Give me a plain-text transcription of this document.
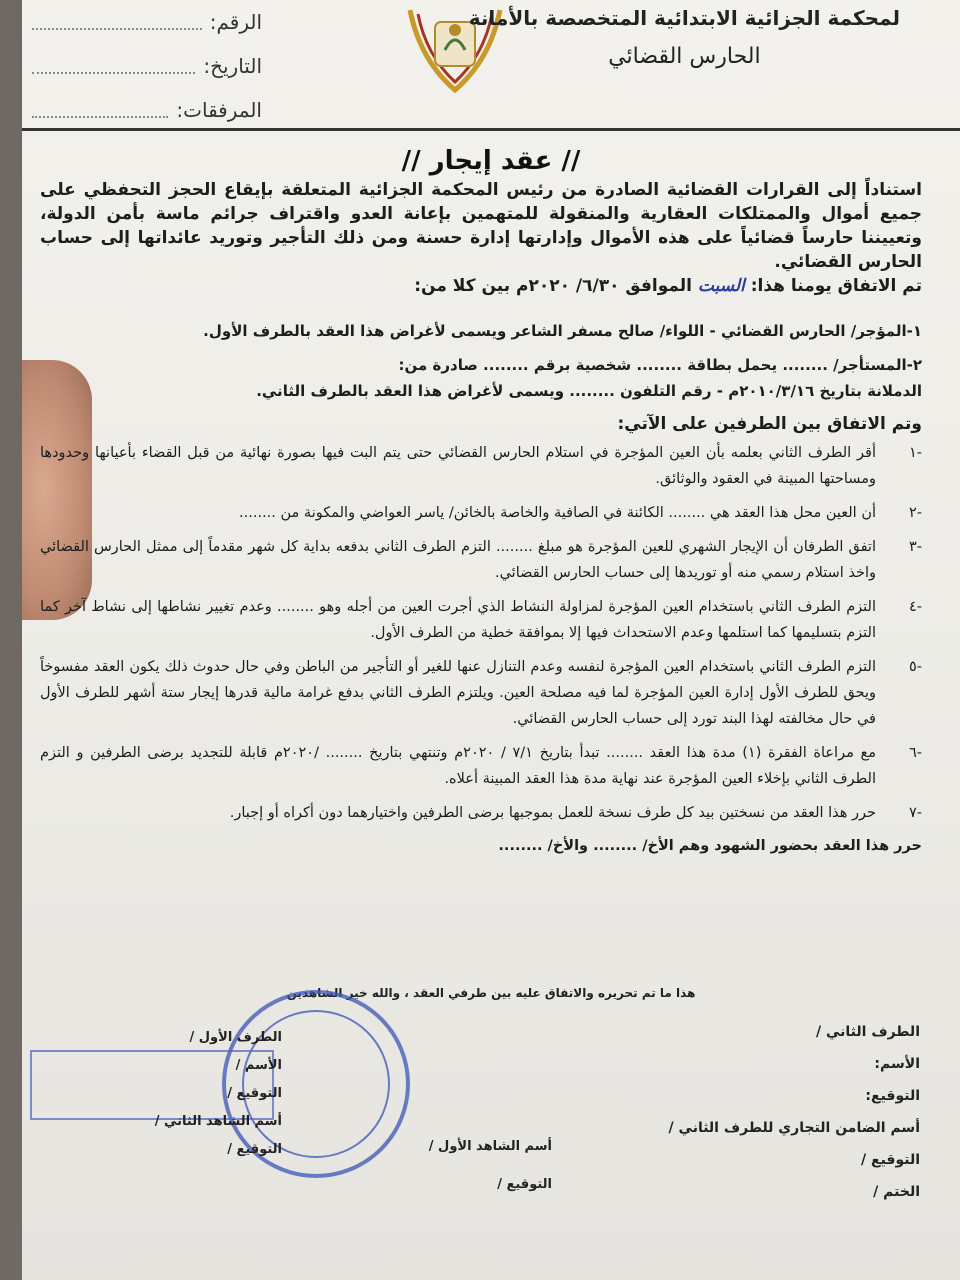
الرقم:
التاريخ:
المرفقات:
لمحكمة الجزائية الابتدائية المتخصصة بالأمانة
الحارس القضائي
// عقد إيجار //
استناداً إلى القرارات القضائية الصادرة من رئيس المحكمة الجزائية المتعلقة بإيقاع الحجز التحفظي على جميع أموال والممتلكات العقارية والمنقولة للمتهمين بإعانة العدو واقتراف جرائم ماسة بأمن الدولة، وتعييننا حارساً قضائياً على هذه الأموال وإدارتها إدارة حسنة ومن ذلك التأجير وتوريد عائداتها إلى حساب الحارس القضائي.
تم الاتفاق يومنا هذا: السبت الموافق ٦/٣٠/ ٢٠٢٠م بين كلا من:
١-المؤجر/ الحارس القضائي - اللواء/ صالح مسفر الشاعر ويسمى لأغراض هذا العقد بالطرف الأول.
٢-المستأجر/ ........ يحمل بطاقة ........ شخصية برقم ........ صادرة من:
الدملانة بتاريخ ٢٠١٠/٣/١٦م - رقم التلفون ........ ويسمى لأغراض هذا العقد بالطرف الثاني.
وتم الاتفاق بين الطرفين على الآتي:
-١
أقر الطرف الثاني بعلمه بأن العين المؤجرة في استلام الحارس القضائي حتى يتم البت فيها بصورة نهائية من قبل القضاء بأعيانها وحدودها ومساحتها المبينة في العقود والوثائق.
-٢
أن العين محل هذا العقد هي ........ الكائنة في الصافية والخاصة بالخائن/ ياسر العواضي والمكونة من ........
-٣
اتفق الطرفان أن الإيجار الشهري للعين المؤجرة هو مبلغ ........ التزم الطرف الثاني بدفعه بداية كل شهر مقدماً إلى ممثل الحارس القضائي واخذ استلام رسمي منه أو توريدها إلى حساب الحارس القضائي.
-٤
التزم الطرف الثاني باستخدام العين المؤجرة لمزاولة النشاط الذي أجرت العين من أجله وهو ........ وعدم تغيير نشاطها إلى نشاط آخر كما التزم بتسليمها كما استلمها وعدم الاستحداث فيها إلا بموافقة خطية من الطرف الأول.
-٥
التزم الطرف الثاني باستخدام العين المؤجرة لنفسه وعدم التنازل عنها للغير أو التأجير من الباطن وفي حال حدوث ذلك يكون العقد مفسوخاً ويحق للطرف الأول إدارة العين المؤجرة لما فيه مصلحة العين. ويلتزم الطرف الثاني بدفع غرامة مالية قدرها إيجار ستة أشهر للطرف الأول في حال مخالفته لهذا البند تورد إلى حساب الحارس القضائي.
-٦
مع مراعاة الفقرة (١) مدة هذا العقد ........ تبدأ بتاريخ ٧/١ / ٢٠٢٠م وتنتهي بتاريخ ........ /٢٠٢٠م قابلة للتجديد برضى الطرفين و التزم الطرف الثاني بإخلاء العين المؤجرة عند نهاية مدة هذا العقد المبينة أعلاه.
-٧
حرر هذا العقد من نسختين بيد كل طرف نسخة للعمل بموجبها برضى الطرفين واختيارهما دون أكراه أو إجبار.
حرر هذا العقد بحضور الشهود وهم الأخ/ ........ والأخ/ ........
هذا ما تم تحريره والاتفاق عليه بين طرفي العقد ، والله خير الشاهدين
الطرف الثاني /
الأسم:
التوقيع:
أسم الضامن التجاري للطرف الثاني /
التوقيع /
الختم /
الطرف الأول /
الأسم /
التوقيع /
أسم الشاهد الثاني /
التوقيع /	أسم الشاهد الأول /
التوقيع /
